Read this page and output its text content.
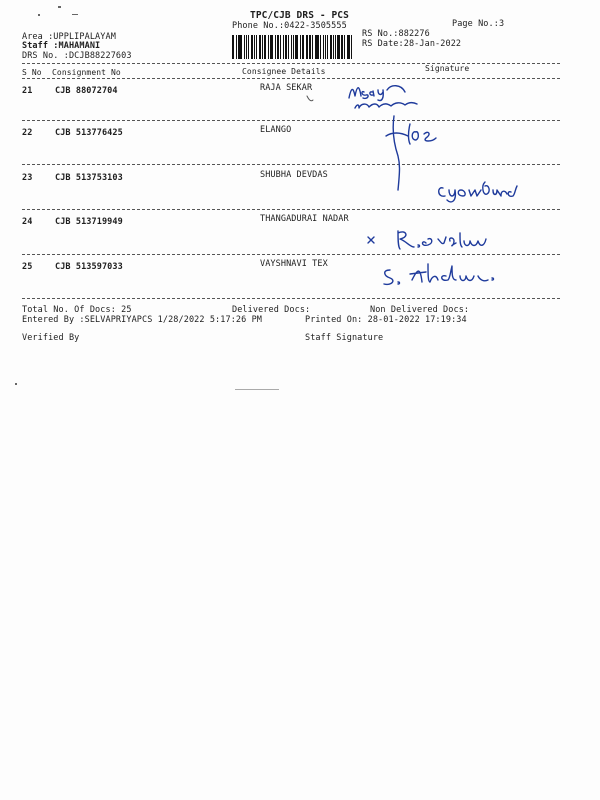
TPC/CJB DRS - PCS
Phone No.:0422-3505555	Page No.:3
RS No.:882276
RS Date:28-Jan-2022
Area :UPPLIPALAYAM
Staff :MAHAMANI
DRS No. :DCJB88227603
S No Consignment No	Consignee Details	Signature
21	CJB 88072704	RAJA SEKAR
22	CJB 513776425	ELANGO
23	CJB 513753103	SHUBHA DEVDAS
24	CJB 513719949	THANGADURAI NADAR
25	CJB 513597033	VAYSHNAVI TEX
Total No. Of Docs: 25	Delivered Docs:	Non Delivered Docs:
Entered By :SELVAPRIYAPCS 1/28/2022 5:17:26 PM	Printed On: 28-01-2022 17:19:34
Verified By	Staff Signature
